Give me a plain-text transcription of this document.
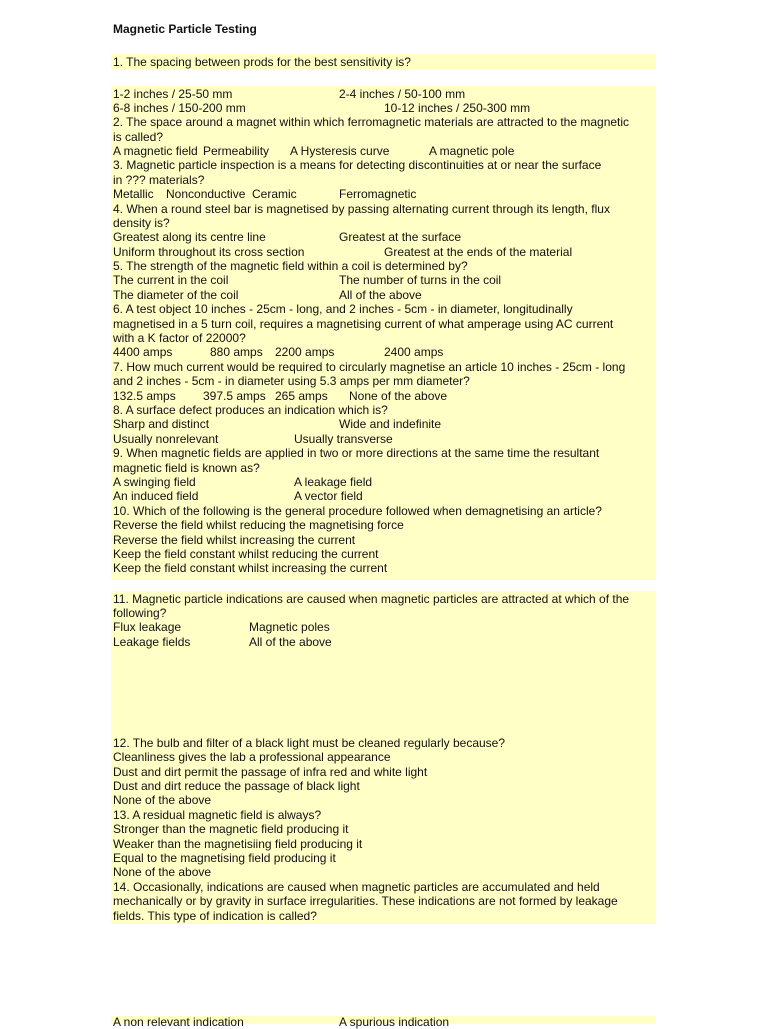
Magnetic Particle Testing
1. The spacing between prods for the best sensitivity is?
1-2 inches / 25-50 mm	2-4 inches / 50-100 mm
6-8 inches / 150-200 mm	10-12 inches / 250-300 mm
2. The space around a magnet within which ferromagnetic materials are attracted to the magnetic
is called?
A magnetic field Permeability A Hysteresis curve	A magnetic pole
3. Magnetic particle inspection is a means for detecting discontinuities at or near the surface
in ??? materials?
Metallic Nonconductive Ceramic	Ferromagnetic
4. When a round steel bar is magnetised by passing alternating current through its length, flux
density is?
Greatest along its centre line	Greatest at the surface
Uniform throughout its cross section	Greatest at the ends of the material
5. The strength of the magnetic field within a coil is determined by?
The current in the coil	The number of turns in the coil
The diameter of the coil	All of the above
6. A test object 10 inches - 25cm - long, and 2 inches - 5cm - in diameter, longitudinally
magnetised in a 5 turn coil, requires a magnetising current of what amperage using AC current
with a K factor of 22000?
4400 amps	880 amps 2200 amps	2400 amps
7. How much current would be required to circularly magnetise an article 10 inches - 25cm - long
and 2 inches - 5cm - in diameter using 5.3 amps per mm diameter?
132.5 amps 397.5 amps 265 amps None of the above
8. A surface defect produces an indication which is?
Sharp and distinct	Wide and indefinite
Usually nonrelevant	Usually transverse
9. When magnetic fields are applied in two or more directions at the same time the resultant
magnetic field is known as?
A swinging field	A leakage field
An induced field	A vector field
10. Which of the following is the general procedure followed when demagnetising an article?
Reverse the field whilst reducing the magnetising force
Reverse the field whilst increasing the current
Keep the field constant whilst reducing the current
Keep the field constant whilst increasing the current
11. Magnetic particle indications are caused when magnetic particles are attracted at which of the
following?
Flux leakage	Magnetic poles
Leakage fields	All of the above
12. The bulb and filter of a black light must be cleaned regularly because?
Cleanliness gives the lab a professional appearance
Dust and dirt permit the passage of infra red and white light
Dust and dirt reduce the passage of black light
None of the above
13. A residual magnetic field is always?
Stronger than the magnetic field producing it
Weaker than the magnetisiing field producing it
Equal to the magnetising field producing it
None of the above
14. Occasionally, indications are caused when magnetic particles are accumulated and held
mechanically or by gravity in surface irregularities. These indications are not formed by leakage
fields. This type of indication is called?
A non relevant indication	A spurious indication
